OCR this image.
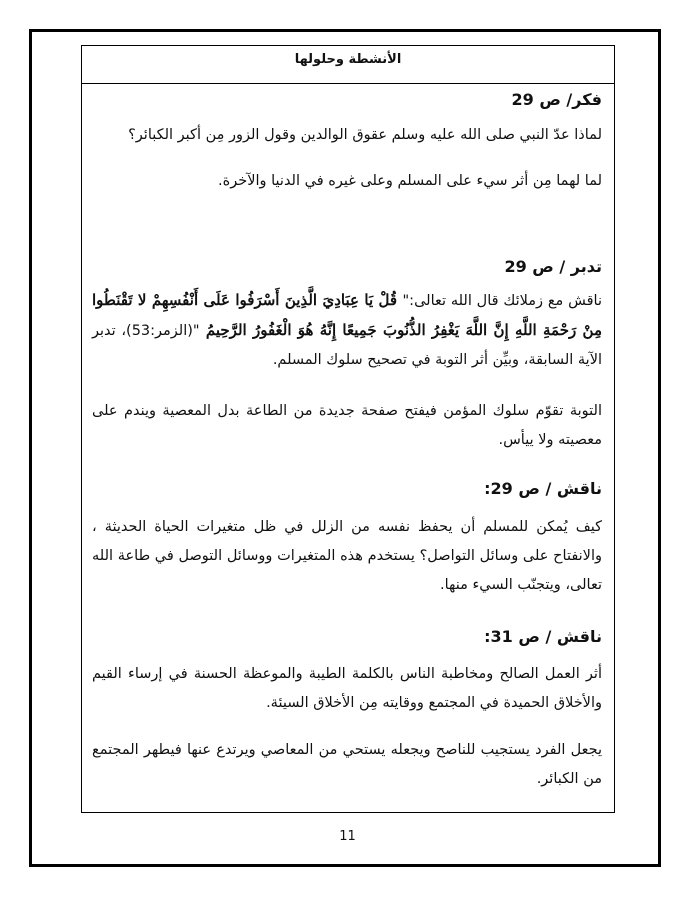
الأنشطة وحلولها
فكر/ ص 29
لماذا عدّ النبي صلى الله عليه وسلم عقوق الوالدين وقول الزور مِن أكبر الكبائر؟
لما لهما مِن أثر سيء على المسلم وعلى غيره في الدنيا والآخرة.
تدبر / ص 29
ناقش مع زملائك قال الله تعالى:" قُلْ يَا عِبَادِيَ الَّذِينَ أَسْرَفُوا عَلَى أَنْفُسِهِمْ لا تَقْنَطُوا مِنْ رَحْمَةِ اللَّهِ إِنَّ اللَّهَ يَغْفِرُ الذُّنُوبَ جَمِيعًا إِنَّهُ هُوَ الْغَفُورُ الرَّحِيمُ "(الزمر:53)، تدبر الآية السابقة، وبيِّن أثر التوبة في تصحيح سلوك المسلم.
التوبة تقوّم سلوك المؤمن فيفتح صفحة جديدة من الطاعة بدل المعصية ويندم على معصيته ولا ييأس.
ناقش / ص 29:
كيف يُمكن للمسلم أن يحفظ نفسه من الزلل في ظل متغيرات الحياة الحديثة ، والانفتاح على وسائل التواصل؟ يستخدم هذه المتغيرات ووسائل التوصل في طاعة الله تعالى، ويتجنّب السيء منها.
ناقش / ص 31:
أثر العمل الصالح ومخاطبة الناس بالكلمة الطيبة والموعظة الحسنة في إرساء القيم والأخلاق الحميدة في المجتمع ووقايته مِن الأخلاق السيئة.
يجعل الفرد يستجيب للناصح ويجعله يستحي من المعاصي ويرتدع عنها فيطهر المجتمع من الكبائر.
11
